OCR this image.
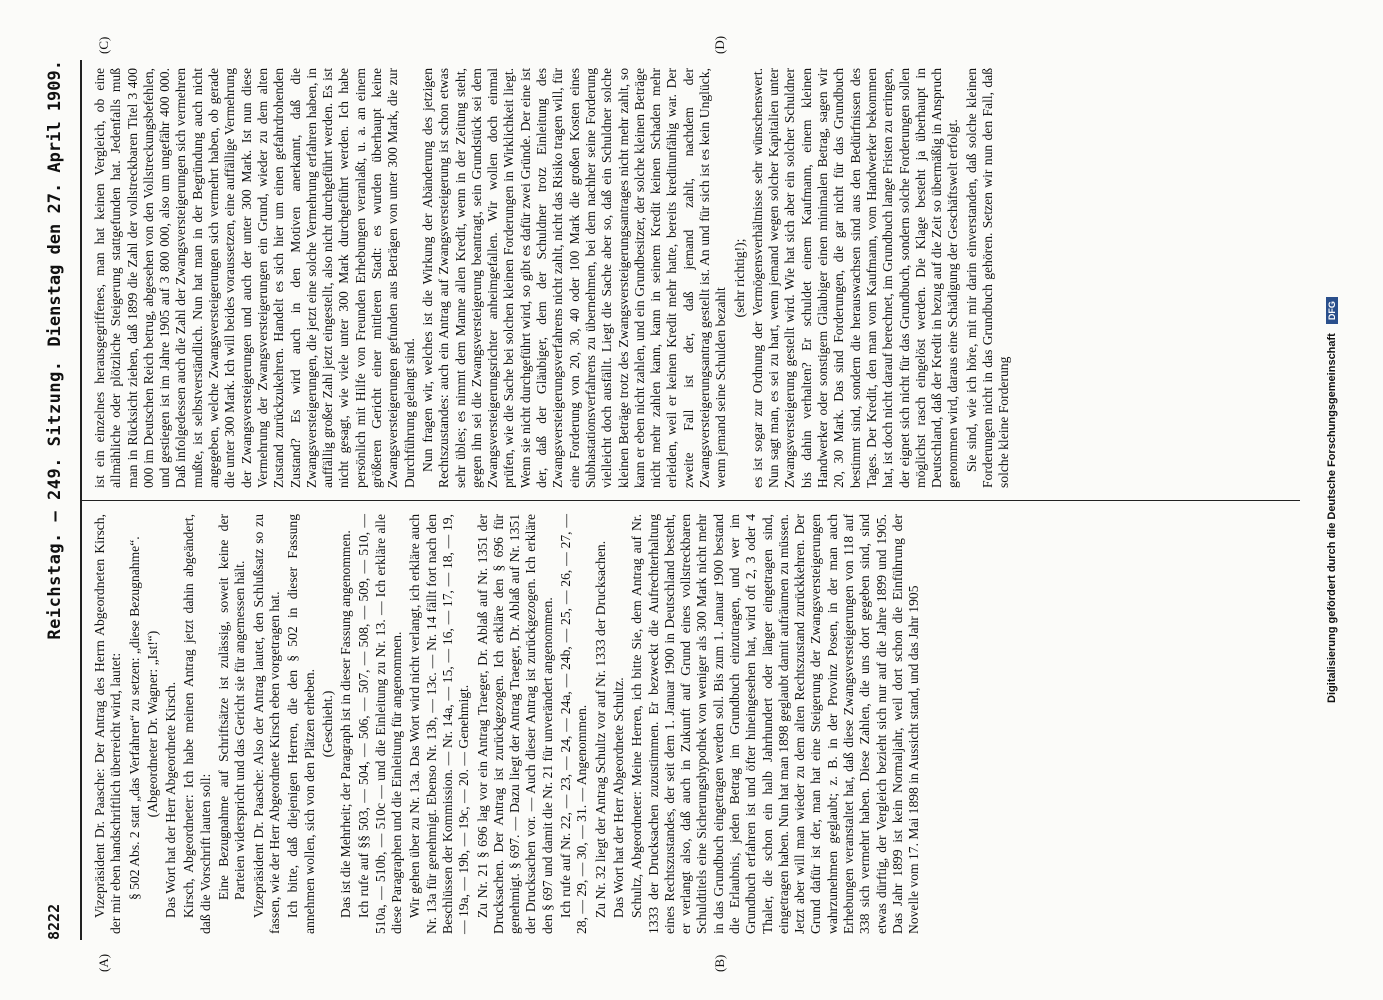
8222
Reichstag. — 249. Sitzung.
Dienstag den 27. April 1909.
(A)	(B)
(C)	(D)

Vizepräsident Dr. Paasche: Der Antrag des Herrn Abgeordneten Kirsch, der mir eben handschriftlich überreicht wird, lautet: § 502 Abs. 2 statt „das Verfahren“ zu setzen: „diese Bezugnahme“. (Abgeordneter Dr. Wagner: „Ist!“) Das Wort hat der Herr Abgeordnete Kirsch. Kirsch, Abgeordneter: Ich habe meinen Antrag jetzt dahin abgeändert, daß die Vorschrift lauten soll: Eine Bezugnahme auf Schriftsätze ist zulässig, soweit keine der Parteien widerspricht und das Gericht sie für angemessen hält. Vizepräsident Dr. Paasche: Also der Antrag lautet, den Schlußsatz so zu fassen, wie der Herr Abgeordnete Kirsch eben vorgetragen hat. Ich bitte, daß diejenigen Herren, die den § 502 in dieser Fassung annehmen wollen, sich von den Plätzen erheben. (Geschieht.) Das ist die Mehrheit; der Paragraph ist in dieser Fassung angenommen. Ich rufe auf §§ 503, — 504, — 506, — 507, — 508, — 509, — 510, — 510a, — 510b, — 510c — und die Einleitung zu Nr. 13. — Ich erkläre alle diese Paragraphen und die Einleitung für angenommen. Wir gehen über zu Nr. 13a. Das Wort wird nicht verlangt, ich erkläre auch Nr. 13a für genehmigt. Ebenso Nr. 13b, — 13c. — Nr. 14 fällt fort nach den Beschlüssen der Kommission. — Nr. 14a, — 15, — 16, — 17, — 18, — 19, — 19a, — 19b, — 19c, — 20. — Genehmigt. Zu Nr. 21 § 696 lag vor ein Antrag Traeger, Dr. Ablaß auf Nr. 1351 der Drucksachen. Der Antrag ist zurückgezogen. Ich erkläre den § 696 für genehmigt. § 697. — Dazu liegt der Antrag Traeger, Dr. Ablaß auf Nr. 1351 der Drucksachen vor. — Auch dieser Antrag ist zurückgezogen. Ich erkläre den § 697 und damit die Nr. 21 für unverändert angenommen. Ich rufe auf Nr. 22, — 23, — 24, — 24a, — 24b, — 25, — 26, — 27, — 28, — 29, — 30, — 31. — Angenommen. Zu Nr. 32 liegt der Antrag Schultz vor auf Nr. 1333 der Drucksachen. Das Wort hat der Herr Abgeordnete Schultz. Schultz, Abgeordneter: Meine Herren, ich bitte Sie, dem Antrag auf Nr. 1333 der Drucksachen zuzustimmen. Er bezweckt die Aufrechterhaltung eines Rechtszustandes, der seit dem 1. Januar 1900 in Deutschland besteht, er verlangt also, daß auch in Zukunft auf Grund eines vollstreckbaren Schuldtitels eine Sicherungshypothek von weniger als 300 Mark nicht mehr in das Grundbuch eingetragen werden soll. Bis zum 1. Januar 1900 bestand die Erlaubnis, jeden Betrag im Grundbuch einzutragen, und wer im Grundbuch erfahren ist und öfter hineingesehen hat, wird oft 2, 3 oder 4 Thaler, die schon ein halb Jahrhundert oder länger eingetragen sind, eingetragen haben. Nun hat man 1898 geglaubt damit aufräumen zu müssen. Jetzt aber will man wieder zu dem alten Rechtszustand zurückkehren. Der Grund dafür ist der, man hat eine Steigerung der Zwangsversteigerungen wahrzunehmen geglaubt; z. B. in der Provinz Posen, in der man auch Erhebungen veranstaltet hat, daß diese Zwangsversteigerungen von 118 auf 338 sich vermehrt haben. Diese Zahlen, die uns dort gegeben sind, sind etwas dürftig, der Vergleich bezieht sich nur auf die Jahre 1899 und 1905. Das Jahr 1899 ist kein Normaljahr, weil dort schon die Einführung der Novelle vom 17. Mai 1898 in Aussicht stand, und das Jahr 1905

ist ein einzelnes herausgegriffenes, man hat keinen Vergleich, ob eine allmähliche oder plötzliche Steigerung stattgefunden hat. Jedenfalls muß man in Rücksicht ziehen, daß 1899 die Zahl der vollstreckbaren Titel 3 400 000 im Deutschen Reich betrug, abgesehen von den Vollstreckungsbefehlen, und gestiegen ist im Jahre 1905 auf 3 800 000, also um ungefähr 400 000. Daß infolgedessen auch die Zahl der Zwangsversteigerungen sich vermehren mußte, ist selbstverständlich. Nun hat man in der Begründung auch nicht angegeben, welche Zwangsversteigerungen sich vermehrt haben, ob gerade die unter 300 Mark. Ich will beides voraussetzen, eine auffällige Vermehrung der Zwangsversteigerungen und auch der unter 300 Mark. Ist nun diese Vermehrung der Zwangsversteigerungen ein Grund, wieder zu dem alten Zustand zurückzukehren. Handelt es sich hier um einen gefahrdrohenden Zustand? Es wird auch in den Motiven anerkannt, daß die Zwangsversteigerungen, die jetzt eine solche Vermehrung erfahren haben, in auffällig großer Zahl jetzt eingestellt, also nicht durchgeführt werden. Es ist nicht gesagt, wie viele unter 300 Mark durchgeführt werden. Ich habe persönlich mit Hilfe von Freunden Erhebungen veranlaßt, u. a. an einem größeren Gericht einer mittleren Stadt: es wurden überhaupt keine Zwangsversteigerungen gefunden aus Beträgen von unter 300 Mark, die zur Durchführung gelangt sind. Nun fragen wir, welches ist die Wirkung der Abänderung des jetzigen Rechtszustandes: auch ein Antrag auf Zwangsversteigerung ist schon etwas sehr übles; es nimmt dem Manne allen Kredit, wenn in der Zeitung steht, gegen ihn sei die Zwangsversteigerung beantragt, sein Grundstück sei dem Zwangsversteigerungsrichter anheimgefallen. Wir wollen doch einmal prüfen, wie die Sache bei solchen kleinen Forderungen in Wirklichkeit liegt. Wenn sie nicht durchgeführt wird, so gibt es dafür zwei Gründe. Der eine ist der, daß der Gläubiger, dem der Schuldner trotz Einleitung des Zwangsversteigerungsverfahrens nicht zahlt, nicht das Risiko tragen will, für eine Forderung von 20, 30, 40 oder 100 Mark die großen Kosten eines Subhastationsverfahrens zu übernehmen, bei dem nachher seine Forderung vielleicht doch ausfällt. Liegt die Sache aber so, daß ein Schuldner solche kleinen Beträge trotz des Zwangsversteigerungsantrages nicht mehr zahlt, so kann er eben nicht zahlen, und ein Grundbesitzer, der solche kleinen Beträge nicht mehr zahlen kann, kann in seinem Kredit keinen Schaden mehr erleiden, weil er keinen Kredit mehr hatte, bereits kreditunfähig war. Der zweite Fall ist der, daß jemand zahlt, nachdem der Zwangsversteigerungsantrag gestellt ist. An und für sich ist es kein Unglück, wenn jemand seine Schulden bezahlt

(sehr richtig!); es ist sogar zur Ordnung der Vermögensverhältnisse sehr wünschenswert. Nun sagt man, es sei zu hart, wenn jemand wegen solcher Kapitalien unter Zwangsversteigerung gestellt wird. Wie hat sich aber ein solcher Schuldner bis dahin verhalten? Er schuldet einem Kaufmann, einem kleinen Handwerker oder sonstigem Gläubiger einen minimalen Betrag, sagen wir 20, 30 Mark. Das sind Forderungen, die gar nicht für das Grundbuch bestimmt sind, sondern die herauswachsen sind aus den Bedürfnissen des Tages. Der Kredit, den man vom Kaufmann, vom Handwerker bekommen hat, ist doch nicht darauf berechnet, im Grundbuch lange Fristen zu erringen, der eignet sich nicht für das Grundbuch, sondern solche Forderungen sollen möglichst rasch eingelöst werden. Die Klage besteht ja überhaupt in Deutschland, daß der Kredit in bezug auf die Zeit so übermäßig in Anspruch genommen wird, daraus eine Schädigung der Geschäftswelt erfolgt. Sie sind, wie ich höre, mit mir darin einverstanden, daß solche kleinen Forderungen nicht in das Grundbuch gehören. Setzen wir nun den Fall, daß solche kleine Forderung	Digitalisierung gefördert durch die Deutsche Forschungsgemeinschaft DFG
